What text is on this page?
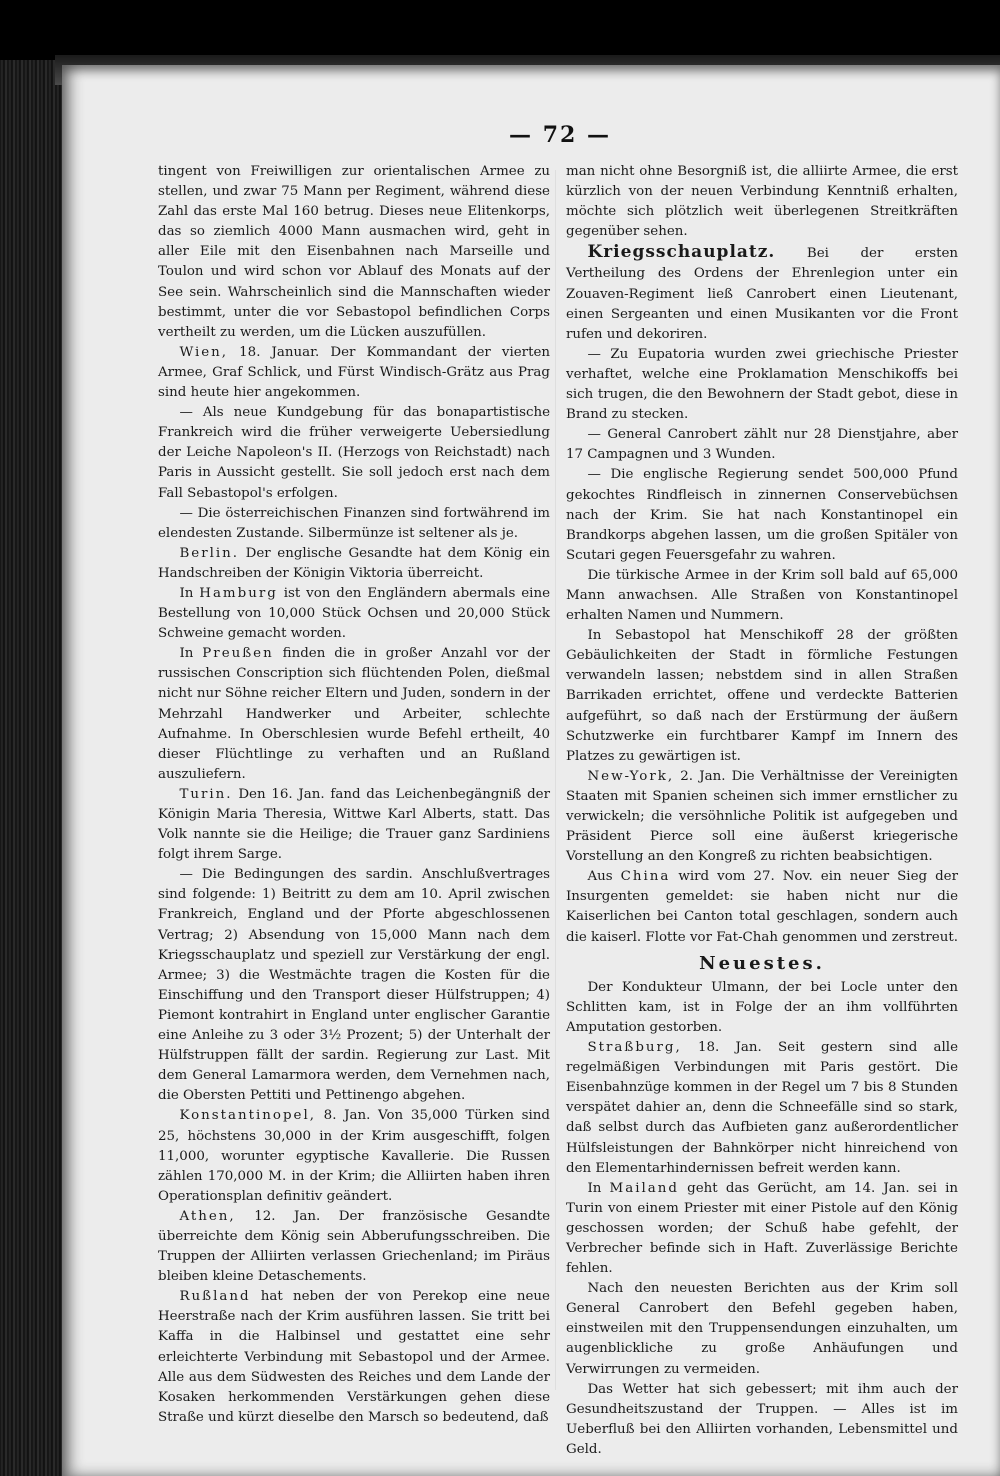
— 72 —

tingent von Freiwilligen zur orientalischen Armee zu stellen, und zwar 75 Mann per Regiment, während diese Zahl das erste Mal 160 betrug. Dieses neue Elitenkorps, das so ziemlich 4000 Mann ausmachen wird, geht in aller Eile mit den Eisenbahnen nach Marseille und Toulon und wird schon vor Ablauf des Monats auf der See sein. Wahrscheinlich sind die Mannschaften wieder bestimmt, unter die vor Sebastopol befindlichen Corps vertheilt zu werden, um die Lücken auszufüllen.

Wien, 18. Januar. Der Kommandant der vierten Armee, Graf Schlick, und Fürst Windisch-Grätz aus Prag sind heute hier angekommen.

— Als neue Kundgebung für das bonapartistische Frankreich wird die früher verweigerte Uebersiedlung der Leiche Napoleon's II. (Herzogs von Reichstadt) nach Paris in Aussicht gestellt. Sie soll jedoch erst nach dem Fall Sebastopol's erfolgen.

— Die österreichischen Finanzen sind fortwährend im elendesten Zustande. Silbermünze ist seltener als je.

Berlin. Der englische Gesandte hat dem König ein Handschreiben der Königin Viktoria überreicht.

In Hamburg ist von den Engländern abermals eine Bestellung von 10,000 Stück Ochsen und 20,000 Stück Schweine gemacht worden.

In Preußen finden die in großer Anzahl vor der russischen Conscription sich flüchtenden Polen, dießmal nicht nur Söhne reicher Eltern und Juden, sondern in der Mehrzahl Handwerker und Arbeiter, schlechte Aufnahme. In Oberschlesien wurde Befehl ertheilt, 40 dieser Flüchtlinge zu verhaften und an Rußland auszuliefern.

Turin. Den 16. Jan. fand das Leichenbegängniß der Königin Maria Theresia, Wittwe Karl Alberts, statt. Das Volk nannte sie die Heilige; die Trauer ganz Sardiniens folgt ihrem Sarge.

— Die Bedingungen des sardin. Anschlußvertrages sind folgende: 1) Beitritt zu dem am 10. April zwischen Frankreich, England und der Pforte abgeschlossenen Vertrag; 2) Absendung von 15,000 Mann nach dem Kriegsschauplatz und speziell zur Verstärkung der engl. Armee; 3) die Westmächte tragen die Kosten für die Einschiffung und den Transport dieser Hülfstruppen; 4) Piemont kontrahirt in England unter englischer Garantie eine Anleihe zu 3 oder 3½ Prozent; 5) der Unterhalt der Hülfstruppen fällt der sardin. Regierung zur Last. Mit dem General Lamarmora werden, dem Vernehmen nach, die Obersten Pettiti und Pettinengo abgehen.

Konstantinopel, 8. Jan. Von 35,000 Türken sind 25, höchstens 30,000 in der Krim ausgeschifft, folgen 11,000, worunter egyptische Kavallerie. Die Russen zählen 170,000 M. in der Krim; die Alliirten haben ihren Operationsplan definitiv geändert.

Athen, 12. Jan. Der französische Gesandte überreichte dem König sein Abberufungsschreiben. Die Truppen der Alliirten verlassen Griechenland; im Piräus bleiben kleine Detaschements.

Rußland hat neben der von Perekop eine neue Heerstraße nach der Krim ausführen lassen. Sie tritt bei Kaffa in die Halbinsel und gestattet eine sehr erleichterte Verbindung mit Sebastopol und der Armee. Alle aus dem Südwesten des Reiches und dem Lande der Kosaken herkommenden Verstärkungen gehen diese Straße und kürzt dieselbe den Marsch so bedeutend, daß

man nicht ohne Besorgniß ist, die alliirte Armee, die erst kürzlich von der neuen Verbindung Kenntniß erhalten, möchte sich plötzlich weit überlegenen Streitkräften gegenüber sehen.

Kriegsschauplatz. Bei der ersten Vertheilung des Ordens der Ehrenlegion unter ein Zouaven-Regiment ließ Canrobert einen Lieutenant, einen Sergeanten und einen Musikanten vor die Front rufen und dekoriren.

— Zu Eupatoria wurden zwei griechische Priester verhaftet, welche eine Proklamation Menschikoffs bei sich trugen, die den Bewohnern der Stadt gebot, diese in Brand zu stecken.

— General Canrobert zählt nur 28 Dienstjahre, aber 17 Campagnen und 3 Wunden.

— Die englische Regierung sendet 500,000 Pfund gekochtes Rindfleisch in zinnernen Conservebüchsen nach der Krim. Sie hat nach Konstantinopel ein Brandkorps abgehen lassen, um die großen Spitäler von Scutari gegen Feuersgefahr zu wahren.

Die türkische Armee in der Krim soll bald auf 65,000 Mann anwachsen. Alle Straßen von Konstantinopel erhalten Namen und Nummern.

In Sebastopol hat Menschikoff 28 der größten Gebäulichkeiten der Stadt in förmliche Festungen verwandeln lassen; nebstdem sind in allen Straßen Barrikaden errichtet, offene und verdeckte Batterien aufgeführt, so daß nach der Erstürmung der äußern Schutzwerke ein furchtbarer Kampf im Innern des Platzes zu gewärtigen ist.

New-York, 2. Jan. Die Verhältnisse der Vereinigten Staaten mit Spanien scheinen sich immer ernstlicher zu verwickeln; die versöhnliche Politik ist aufgegeben und Präsident Pierce soll eine äußerst kriegerische Vorstellung an den Kongreß zu richten beabsichtigen.

Aus China wird vom 27. Nov. ein neuer Sieg der Insurgenten gemeldet: sie haben nicht nur die Kaiserlichen bei Canton total geschlagen, sondern auch die kaiserl. Flotte vor Fat-Chah genommen und zerstreut.

Neuestes.

Der Kondukteur Ulmann, der bei Locle unter den Schlitten kam, ist in Folge der an ihm vollführten Amputation gestorben.

Straßburg, 18. Jan. Seit gestern sind alle regelmäßigen Verbindungen mit Paris gestört. Die Eisenbahnzüge kommen in der Regel um 7 bis 8 Stunden verspätet dahier an, denn die Schneefälle sind so stark, daß selbst durch das Aufbieten ganz außerordentlicher Hülfsleistungen der Bahnkörper nicht hinreichend von den Elementarhindernissen befreit werden kann.

In Mailand geht das Gerücht, am 14. Jan. sei in Turin von einem Priester mit einer Pistole auf den König geschossen worden; der Schuß habe gefehlt, der Verbrecher befinde sich in Haft. Zuverlässige Berichte fehlen.

Nach den neuesten Berichten aus der Krim soll General Canrobert den Befehl gegeben haben, einstweilen mit den Truppensendungen einzuhalten, um augenblickliche zu große Anhäufungen und Verwirrungen zu vermeiden.

Das Wetter hat sich gebessert; mit ihm auch der Gesundheitszustand der Truppen. — Alles ist im Ueberfluß bei den Alliirten vorhanden, Lebensmittel und Geld.
